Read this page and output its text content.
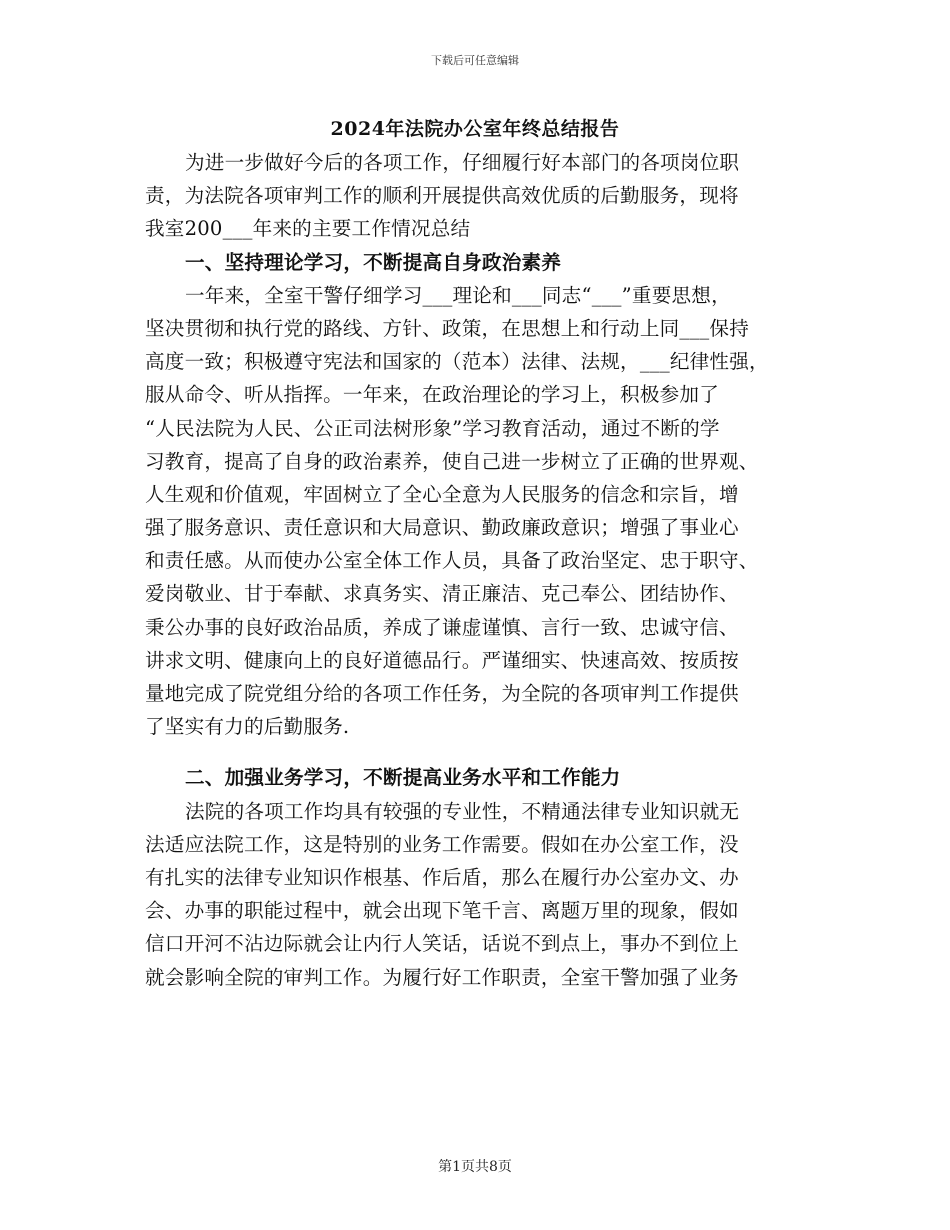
下载后可任意编辑
2024年法院办公室年终总结报告
为进一步做好今后的各项工作，仔细履行好本部门的各项岗位职
责，为法院各项审判工作的顺利开展提供高效优质的后勤服务，现将
我室200___年来的主要工作情况总结
一、坚持理论学习，不断提高自身政治素养
一年来，全室干警仔细学习___理论和___同志“___”重要思想，
坚决贯彻和执行党的路线、方针、政策，在思想上和行动上同___保持
高度一致；积极遵守宪法和国家的（范本）法律、法规，___纪律性强，
服从命令、听从指挥。一年来，在政治理论的学习上，积极参加了
“人民法院为人民、公正司法树形象”学习教育活动，通过不断的学
习教育，提高了自身的政治素养，使自己进一步树立了正确的世界观、
人生观和价值观，牢固树立了全心全意为人民服务的信念和宗旨，增
强了服务意识、责任意识和大局意识、勤政廉政意识；增强了事业心
和责任感。从而使办公室全体工作人员，具备了政治坚定、忠于职守、
爱岗敬业、甘于奉献、求真务实、清正廉洁、克己奉公、团结协作、
秉公办事的良好政治品质，养成了谦虚谨慎、言行一致、忠诚守信、
讲求文明、健康向上的良好道德品行。严谨细实、快速高效、按质按
量地完成了院党组分给的各项工作任务，为全院的各项审判工作提供
了坚实有力的后勤服务.
二、加强业务学习，不断提高业务水平和工作能力
法院的各项工作均具有较强的专业性，不精通法律专业知识就无
法适应法院工作，这是特别的业务工作需要。假如在办公室工作，没
有扎实的法律专业知识作根基、作后盾，那么在履行办公室办文、办
会、办事的职能过程中，就会出现下笔千言、离题万里的现象，假如
信口开河不沾边际就会让内行人笑话，话说不到点上，事办不到位上
就会影响全院的审判工作。为履行好工作职责，全室干警加强了业务
第1页共8页
